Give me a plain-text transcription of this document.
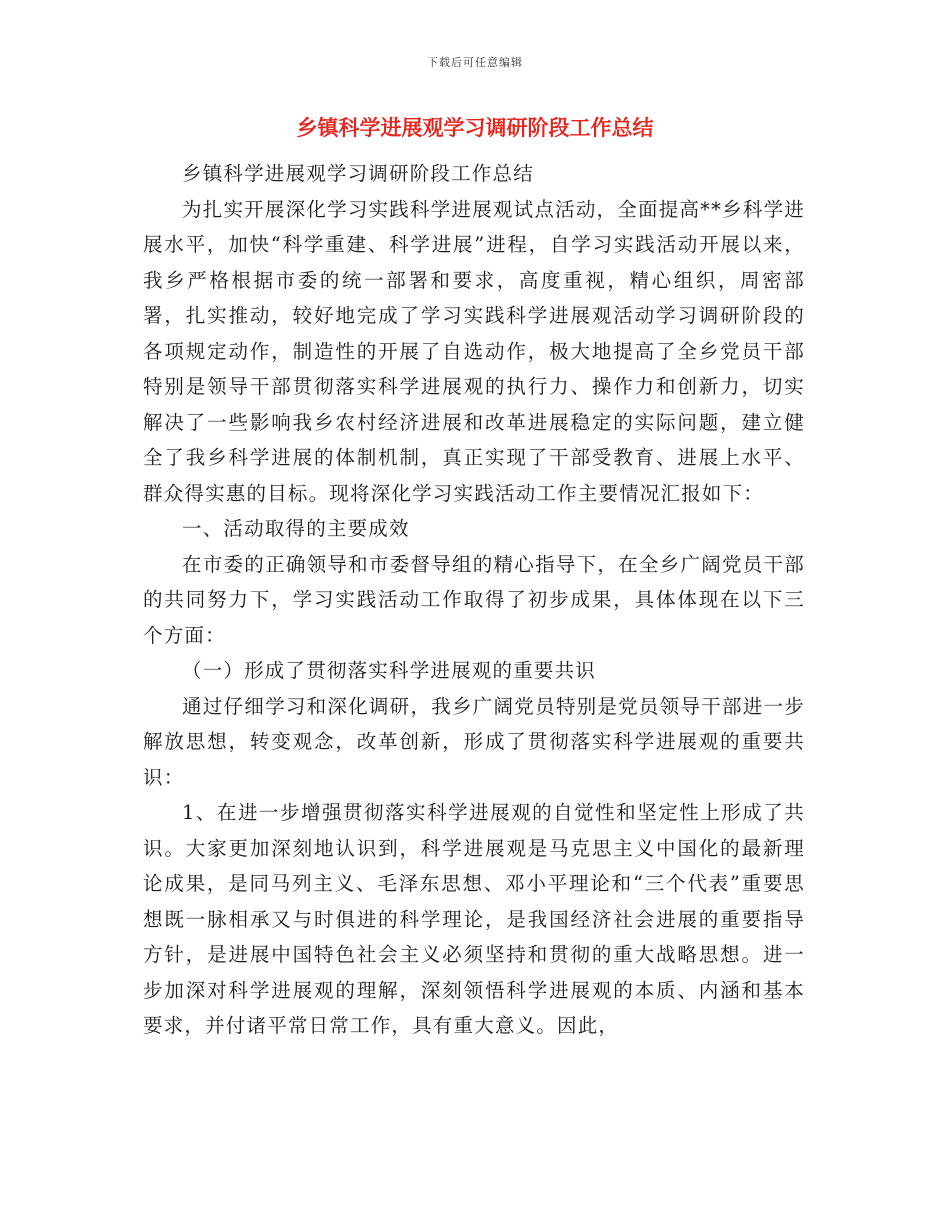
下载后可任意编辑
乡镇科学进展观学习调研阶段工作总结

乡镇科学进展观学习调研阶段工作总结

为扎实开展深化学习实践科学进展观试点活动，全面提高**乡科学进展水平，加快“科学重建、科学进展”进程，自学习实践活动开展以来，我乡严格根据市委的统一部署和要求，高度重视，精心组织，周密部署，扎实推动，较好地完成了学习实践科学进展观活动学习调研阶段的各项规定动作，制造性的开展了自选动作，极大地提高了全乡党员干部特别是领导干部贯彻落实科学进展观的执行力、操作力和创新力，切实解决了一些影响我乡农村经济进展和改革进展稳定的实际问题，建立健全了我乡科学进展的体制机制，真正实现了干部受教育、进展上水平、群众得实惠的目标。现将深化学习实践活动工作主要情况汇报如下：

一、活动取得的主要成效

在市委的正确领导和市委督导组的精心指导下，在全乡广阔党员干部的共同努力下，学习实践活动工作取得了初步成果，具体体现在以下三个方面：

（一）形成了贯彻落实科学进展观的重要共识

通过仔细学习和深化调研，我乡广阔党员特别是党员领导干部进一步解放思想，转变观念，改革创新，形成了贯彻落实科学进展观的重要共识：

1、在进一步增强贯彻落实科学进展观的自觉性和坚定性上形成了共识。大家更加深刻地认识到，科学进展观是马克思主义中国化的最新理论成果，是同马列主义、毛泽东思想、邓小平理论和“三个代表”重要思想既一脉相承又与时俱进的科学理论，是我国经济社会进展的重要指导方针，是进展中国特色社会主义必须坚持和贯彻的重大战略思想。进一步加深对科学进展观的理解，深刻领悟科学进展观的本质、内涵和基本要求，并付诸平常日常工作，具有重大意义。因此，
